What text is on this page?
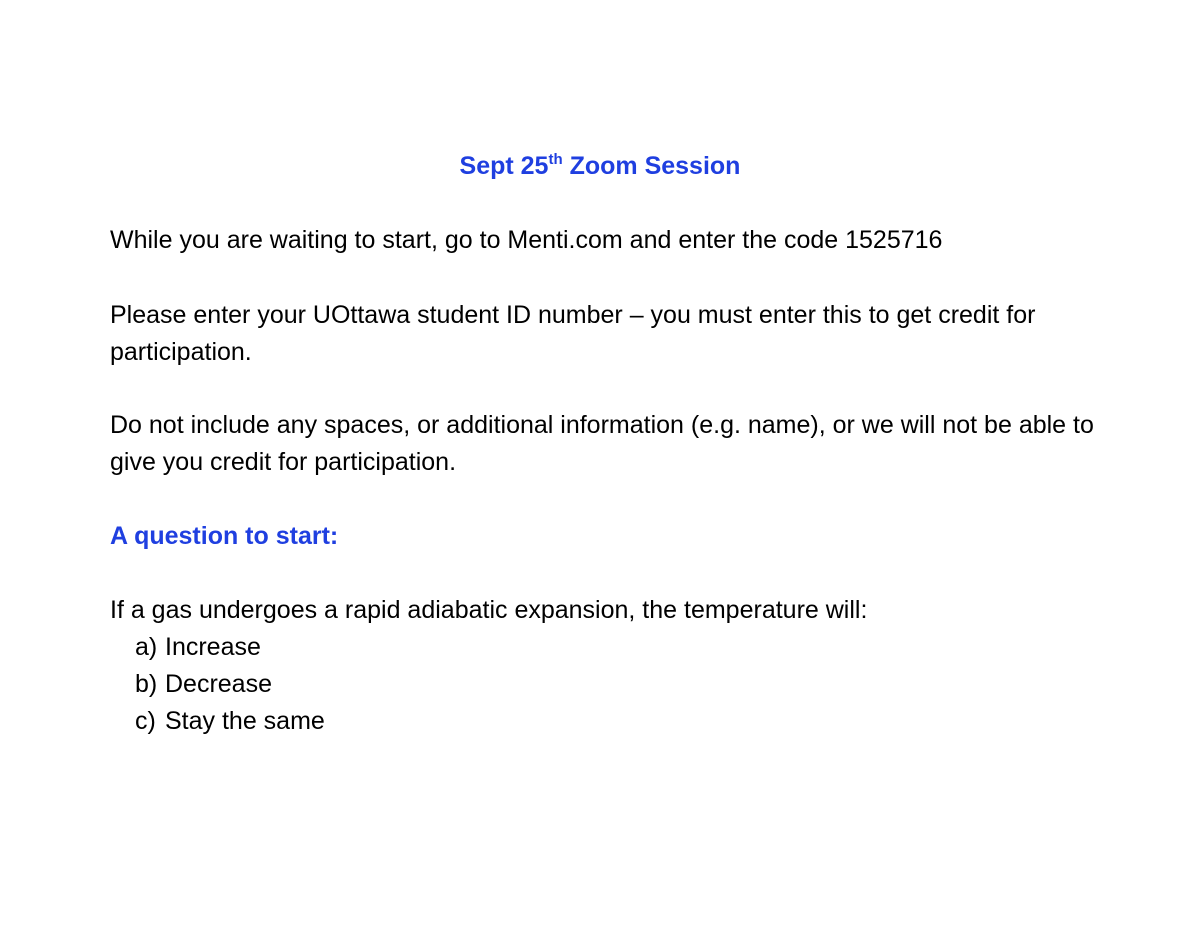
Sept 25th Zoom Session

While you are waiting to start, go to Menti.com and enter the code 1525716

Please enter your UOttawa student ID number – you must enter this to get credit for participation.

Do not include any spaces, or additional information (e.g. name), or we will not be able to give you credit for participation.

A question to start:

If a gas undergoes a rapid adiabatic expansion, the temperature will:

a) Increase
b) Decrease
c) Stay the same
